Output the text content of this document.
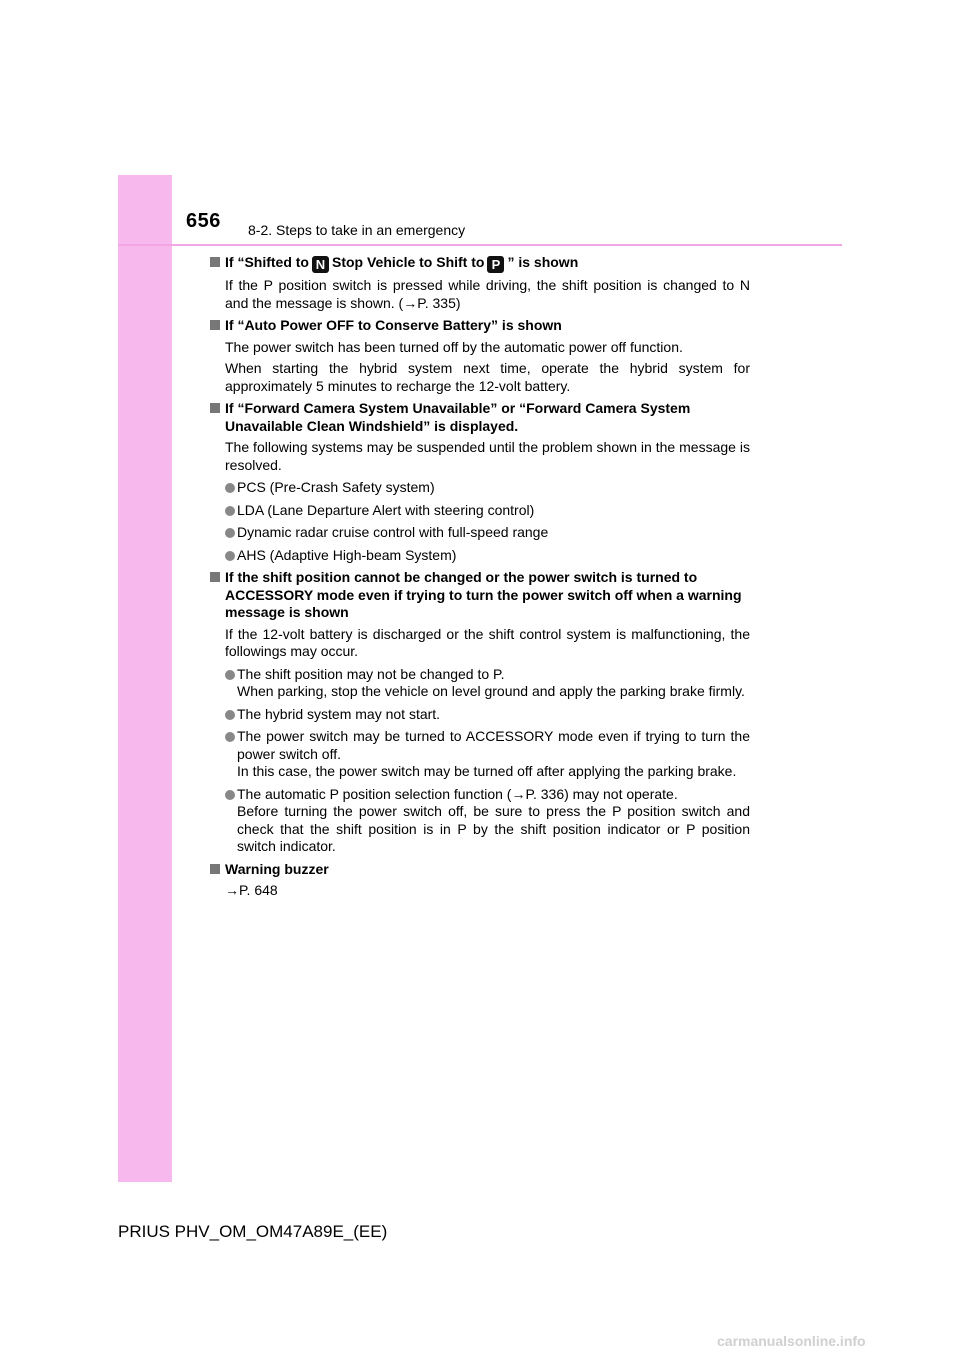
656 8-2. Steps to take in an emergency

If “Shifted to N Stop Vehicle to Shift to P ” is shown

If the P position switch is pressed while driving, the shift position is changed to N and the message is shown. (→P. 335)

If “Auto Power OFF to Conserve Battery” is shown

The power switch has been turned off by the automatic power off function.

When starting the hybrid system next time, operate the hybrid system for approximately 5 minutes to recharge the 12-volt battery.

If “Forward Camera System Unavailable” or “Forward Camera System Unavailable Clean Windshield” is displayed.

The following systems may be suspended until the problem shown in the message is resolved.

PCS (Pre-Crash Safety system)

LDA (Lane Departure Alert with steering control)

Dynamic radar cruise control with full-speed range

AHS (Adaptive High-beam System)

If the shift position cannot be changed or the power switch is turned to ACCESSORY mode even if trying to turn the power switch off when a warning message is shown

If the 12-volt battery is discharged or the shift control system is malfunctioning, the followings may occur.

The shift position may not be changed to P.
When parking, stop the vehicle on level ground and apply the parking brake firmly.

The hybrid system may not start.

The power switch may be turned to ACCESSORY mode even if trying to turn the power switch off.
In this case, the power switch may be turned off after applying the parking brake.

The automatic P position selection function (→P. 336) may not operate.
Before turning the power switch off, be sure to press the P position switch and check that the shift position is in P by the shift position indicator or P position switch indicator.

Warning buzzer

→P. 648

PRIUS PHV_OM_OM47A89E_(EE)
carmanualsonline.info
